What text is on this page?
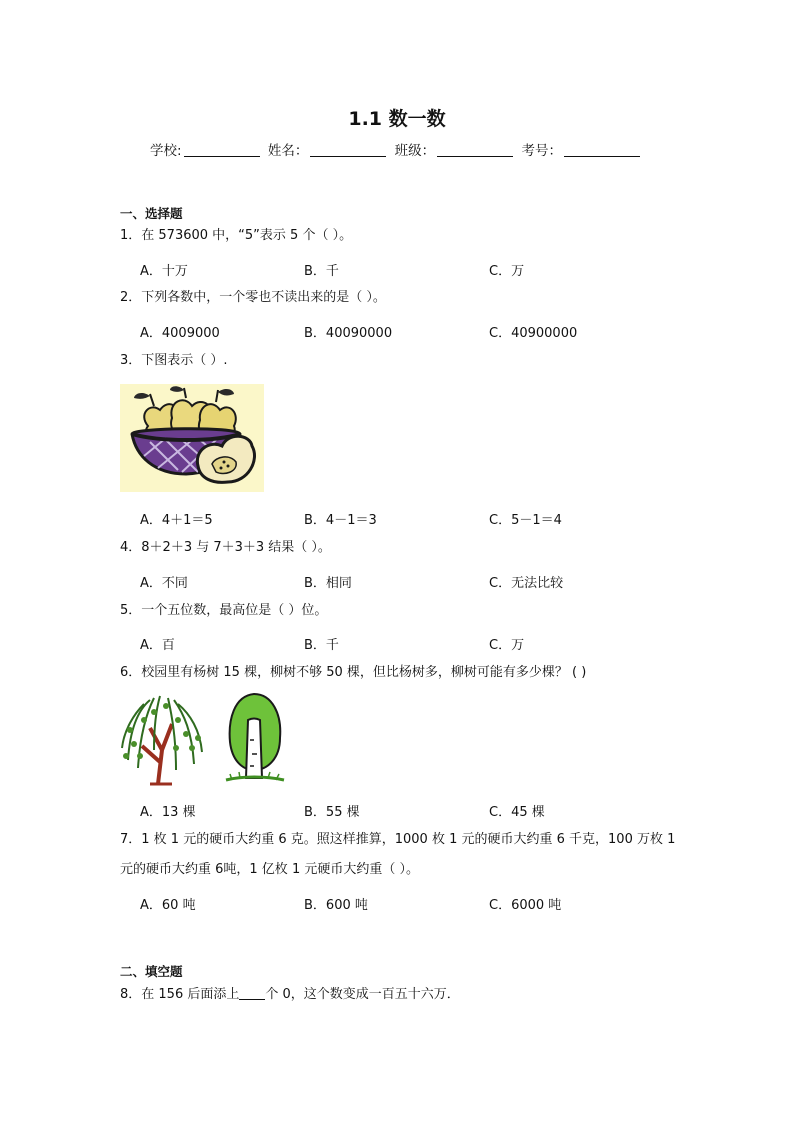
1.1 数一数
学校:	姓名：	班级：	考号：
一、选择题
1．在 573600 中，“5”表示 5 个（ ）。
A．十万	B．千	C．万
2．下列各数中，一个零也不读出来的是（ ）。
A．4009000	B．40090000	C．40900000
3．下图表示（ ）.
A．4＋1＝5	B．4－1＝3	C．5－1＝4
4．8＋2＋3 与 7＋3＋3 结果（ ）。
A．不同	B．相同	C．无法比较
5．一个五位数，最高位是（ ）位。
A．百	B．千	C．万
6．校园里有杨树 15 棵，柳树不够 50 棵，但比杨树多，柳树可能有多少棵？ ( )
A．13 棵	B．55 棵	C．45 棵
7．1 枚 1 元的硬币大约重 6 克。照这样推算，1000 枚 1 元的硬币大约重 6 千克，100 万枚 1 元的硬币大约重 6吨，1 亿枚 1 元硬币大约重（ ）。
A．60 吨	B．600 吨	C．6000 吨
二、填空题
8．在 156 后面添上 个 0，这个数变成一百五十六万．
